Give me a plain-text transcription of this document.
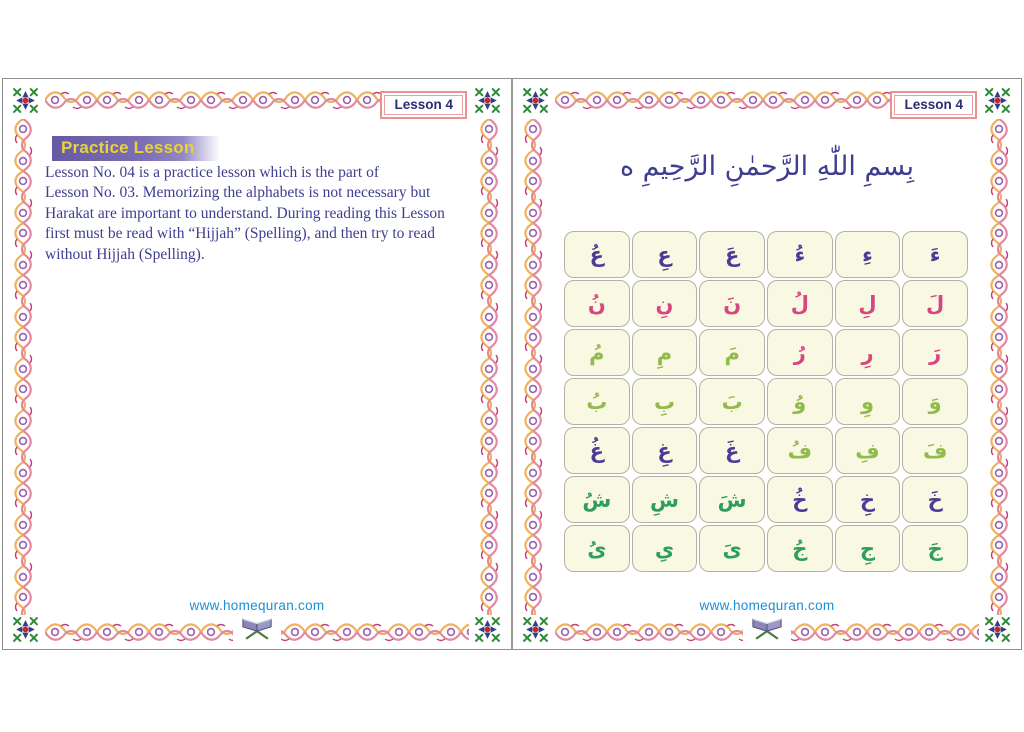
Lesson 4
Practice Lesson
Lesson No. 04 is a practice lesson which is the part of
Lesson No. 03. Memorizing the alphabets is not necessary but
Harakat are important to understand. During reading this Lesson
first must be read with “Hijjah” (Spelling), and then try to read
without Hijjah (Spelling).
www.homequran.com
Lesson 4
بِسمِ اللّٰهِ الرَّحمٰنِ الرَّحِيمِ ه
عُ	عِ	عَ	ءُ	ءِ	ءَ
نُ	نِ	نَ	لُ	لِ	لَ
مُ	مِ	مَ	رُ	رِ	رَ
بُ	بِ	بَ	وُ	وِ	وَ
غُ	غِ	غَ	فُ	فِ	فَ
شُ	شِ	شَ	خُ	خِ	خَ
ىُ	ىِ	ىَ	جُ	جِ	جَ
www.homequran.com
